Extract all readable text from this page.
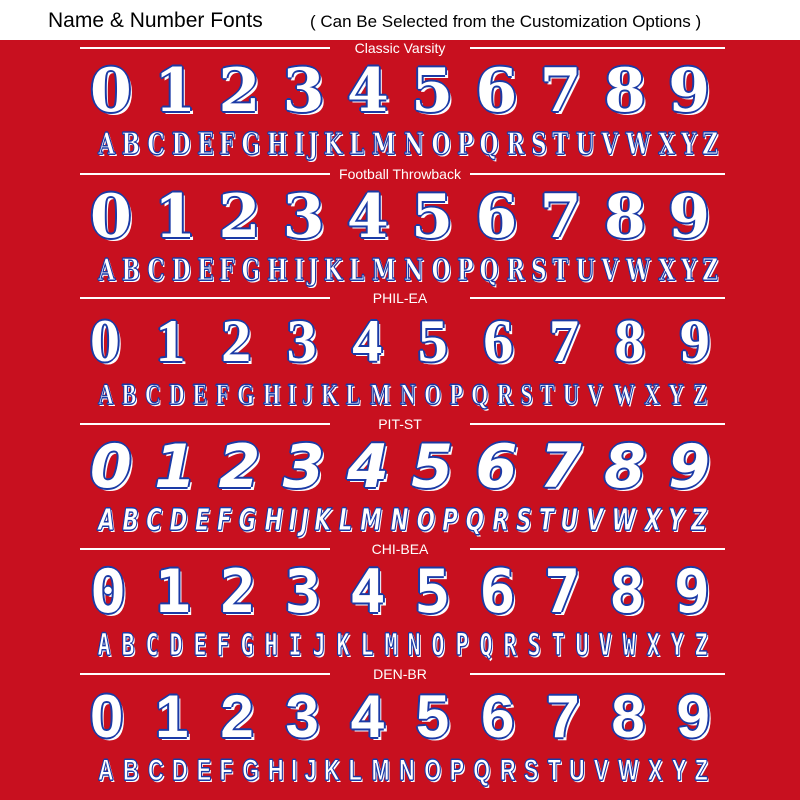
Name & Number Fonts	( Can Be Selected from the Customization Options )
Classic Varsity
0 1 2 3 4 5 6 7 8 9
A B C D E F G H I J K L M N O P Q R S T U V W X Y Z
Football Throwback
0 1 2 3 4 5 6 7 8 9
A B C D E F G H I J K L M N O P Q R S T U V W X Y Z
PHIL-EA
0 1 2 3 4 5 6 7 8 9
A B C D E F G H I J K L M N O P Q R S T U V W X Y Z
PIT-ST
0 1 2 3 4 5 6 7 8 9
A B C D E F G H I J K L M N O P Q R S T U V W X Y Z
CHI-BEA
0 1 2 3 4 5 6 7 8 9
A B C D E F G H I J K L M N O P Q R S T U V W X Y Z
DEN-BR
0 1 2 3 4 5 6 7 8 9
A B C D E F G H I J K L M N O P Q R S T U V W X Y Z
